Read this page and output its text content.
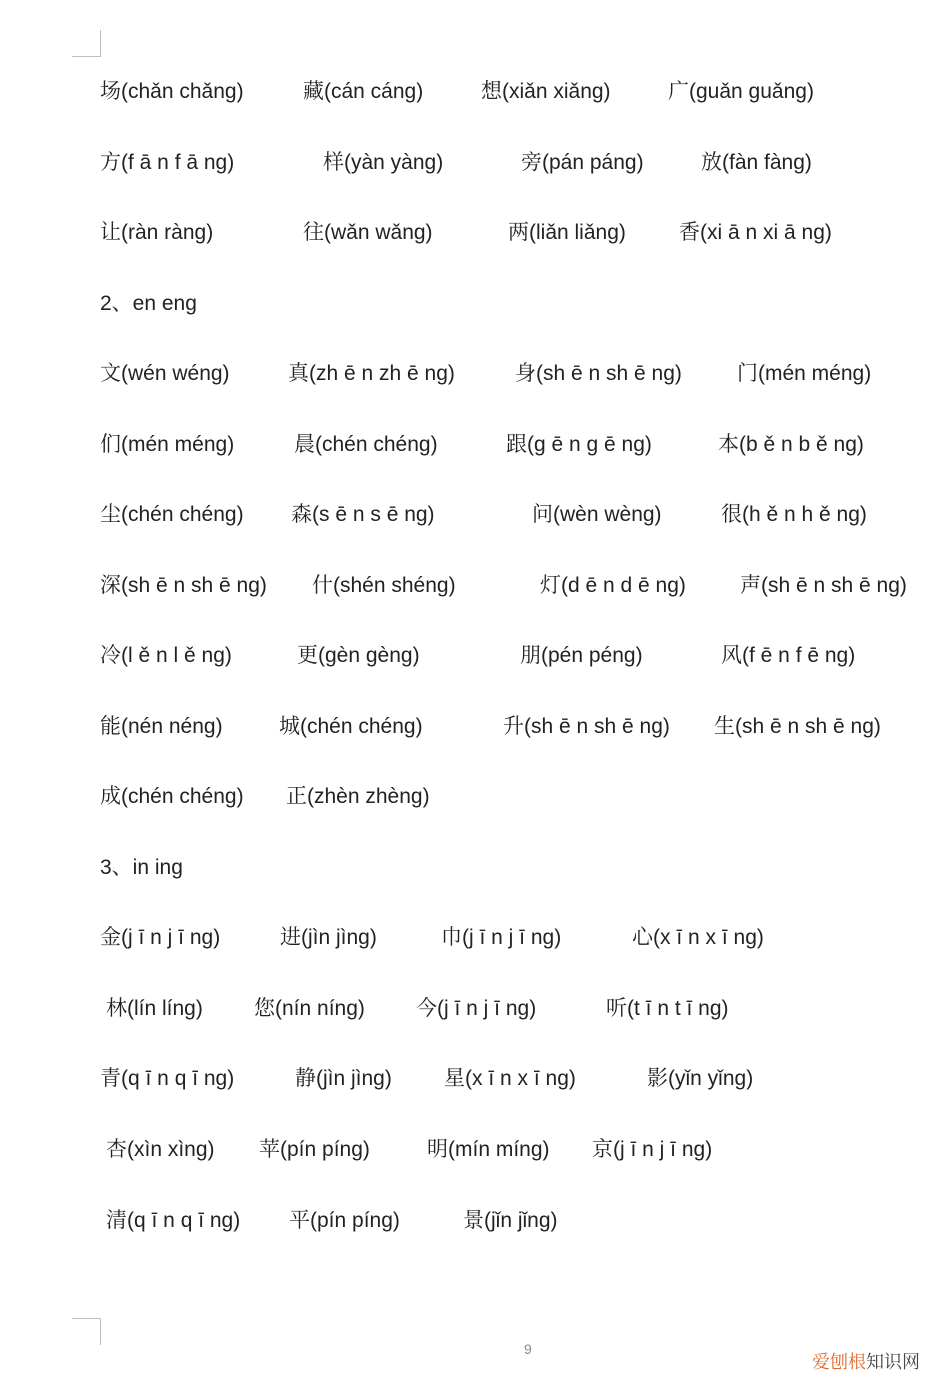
场(chǎn chǎng)	藏(cán cáng)	想(xiǎn xiǎng)	广(guǎn guǎng)
方(f ā n f ā ng)	样(yàn yàng)	旁(pán páng)	放(fàn fàng)
让(ràn ràng)	往(wǎn wǎng)	两(liǎn liǎng)	香(xi ā n xi ā ng)
2、en eng
文(wén wéng)	真(zh ē n zh ē ng)	身(sh ē n sh ē ng)	门(mén méng)
们(mén méng)	晨(chén chéng)	跟(g ē n g ē ng)	本(b ě n b ě ng)
尘(chén chéng) 森(s ē n s ē ng)	问(wèn wèng)	很(h ě n h ě ng)
深(sh ē n sh ē ng) 什(shén shéng)	灯(d ē n d ē ng)	声(sh ē n sh ē ng)
冷(l ě n l ě ng)	更(gèn gèng)	朋(pén péng)	风(f ē n f ē ng)
能(nén néng)	城(chén chéng)	升(sh ē n sh ē ng) 生(sh ē n sh ē ng)
成(chén chéng) 正(zhèn zhèng)
3、in ing
金(j ī n j ī ng)	进(jìn jìng)	巾(j ī n j ī ng)	心(x ī n x ī ng)
林(lín líng) 您(nín níng) 今(j ī n j ī ng)	听(t ī n t ī ng)
青(q ī n q ī ng)	静(jìn jìng) 星(x ī n x ī ng)	影(yǐn yǐng)
杏(xìn xìng) 苹(pín píng)	明(mín míng) 京(j ī n j ī ng)
清(q ī n q ī ng) 平(pín píng)	景(jǐn jǐng)
9
爱刨根知识网
